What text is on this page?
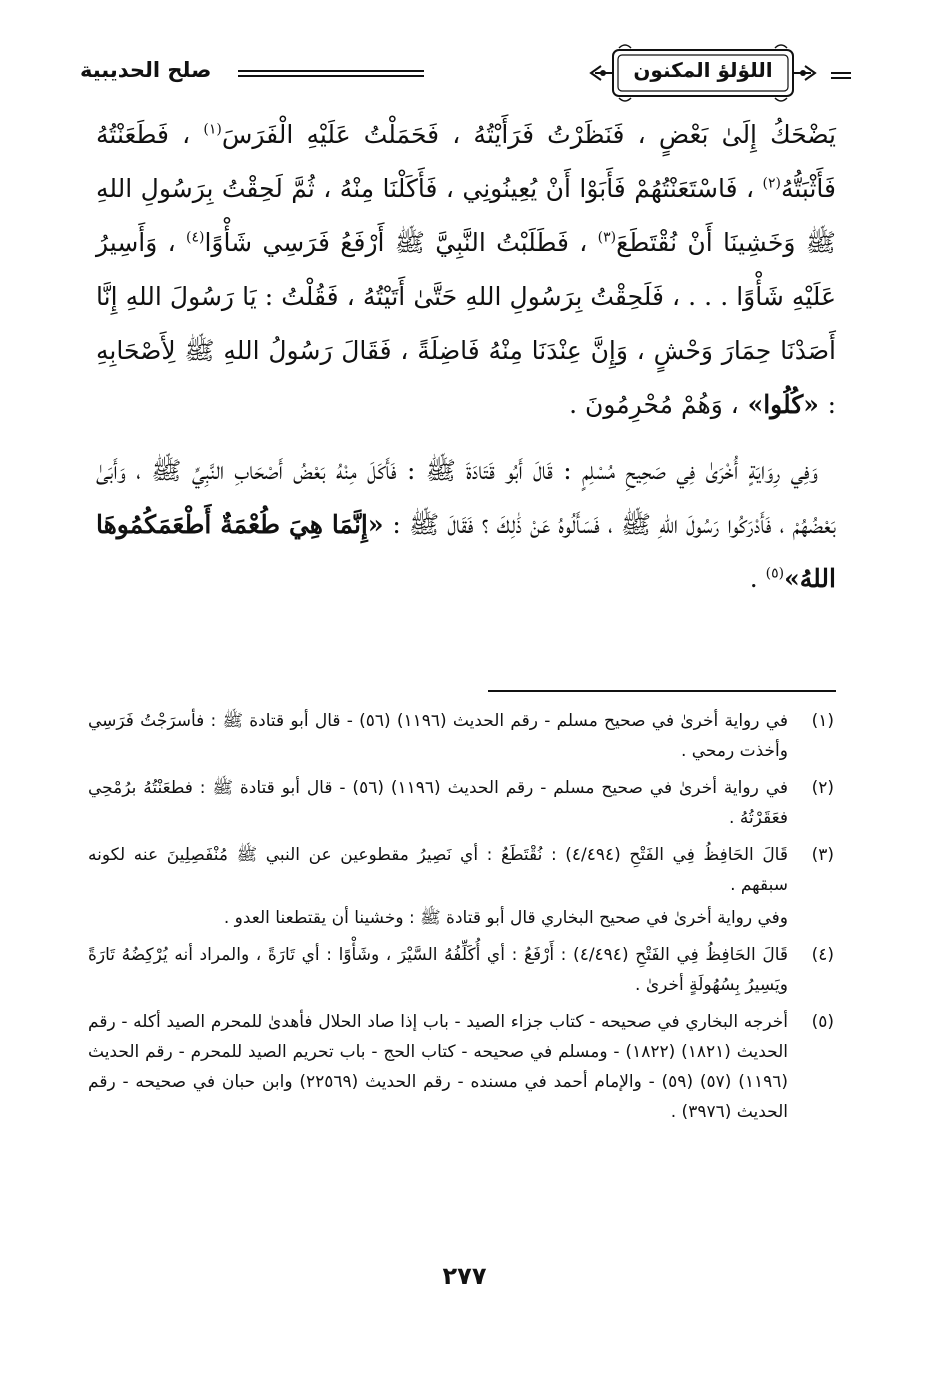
اللؤلؤ المكنون
صلح الحديبية

يَضْحَكُ إِلَىٰ بَعْضٍ ، فَنَظَرْتُ فَرَأَيْتُهُ ، فَحَمَلْتُ عَلَيْهِ الْفَرَسَ$^{(١)}$ ، فَطَعَنْتُهُ فَأَثْبَتُّهُ$^{(٢)}$ ، فَاسْتَعَنْتُهُمْ فَأَبَوْا أَنْ يُعِينُونِي ، فَأَكَلْنَا مِنْهُ ، ثُمَّ لَحِقْتُ بِرَسُولِ اللهِ ﷺ وَخَشِينَا أَنْ نُقْتَطَعَ$^{(٣)}$ ، فَطَلَبْتُ النَّبِيَّ ﷺ أَرْفَعُ فَرَسِي شَأْوًا$^{(٤)}$ ، وَأَسِيرُ عَلَيْهِ شَأْوًا . . . ، فَلَحِقْتُ بِرَسُولِ اللهِ حَتَّىٰ أَتَيْتُهُ ، فَقُلْتُ : يَا رَسُولَ اللهِ إِنَّا أَصَدْنَا حِمَارَ وَحْشٍ ، وَإِنَّ عِنْدَنَا مِنْهُ فَاضِلَةً ، فَقَالَ رَسُولُ اللهِ ﷺ لِأَصْحَابِهِ : «كُلُوا» ، وَهُمْ مُحْرِمُونَ .

وَفِي رِوَايَةٍ أُخْرَىٰ فِي صَحِيحِ مُسْلِمٍ : قَالَ أَبُو قَتَادَةَ ﷺ : فَأَكَلَ مِنْهُ بَعْضُ أَصْحَابِ النَّبِيِّ ﷺ ، وَأَبَىٰ بَعْضُهُمْ ، فَأَدْرَكُوا رَسُولَ اللهِ ﷺ ، فَسَأَلُوهُ عَنْ ذَٰلِكَ ؟ فَقَالَ ﷺ : «إِنَّمَا هِيَ طُعْمَةٌ أَطْعَمَكُمُوهَا اللهُ»$^{(٥)}$ .

(١)
في رواية أخرىٰ في صحيح مسلم - رقم الحديث (١١٩٦) (٥٦) - قال أبو قتادة ﷺ : فأسرَجْتُ فَرَسِي وأخذت رمحي .
(٢)
في رواية أخرىٰ في صحيح مسلم - رقم الحديث (١١٩٦) (٥٦) - قال أبو قتادة ﷺ : فطعَنْتُهُ برُمْحِي فعَقَرْتُهُ .
(٣)
قَالَ الحَافِظُ فِي الفَتْحِ (٤/٤٩٤) : نُقْتَطَعُ : أي نَصِيرُ مقطوعين عن النبي ﷺ مُنْفَصِلِينَ عنه لكونه سبقهم .
وفي رواية أخرىٰ في صحيح البخاري قال أبو قتادة ﷺ : وخشينا أن يقتطعنا العدو .
(٤)
قَالَ الحَافِظُ فِي الفَتْحِ (٤/٤٩٤) : أَرْفَعُ : أي أُكَلِّفُهُ السَّيْرَ ، وشَأْوًا : أي تَارَةً ، والمراد أنه يُرْكِضُهُ تَارَةً ويَسِيرُ بِسُهُولَةٍ أخرىٰ .
(٥)
أخرجه البخاري في صحيحه - كتاب جزاء الصيد - باب إذا صاد الحلال فأهدىٰ للمحرم الصيد أكله - رقم الحديث (١٨٢١) (١٨٢٢) - ومسلم في صحيحه - كتاب الحج - باب تحريم الصيد للمحرم - رقم الحديث (١١٩٦) (٥٧) (٥٩) - والإمام أحمد في مسنده - رقم الحديث (٢٢٥٦٩) وابن حبان في صحيحه - رقم الحديث (٣٩٧٦) .
٢٧٧
